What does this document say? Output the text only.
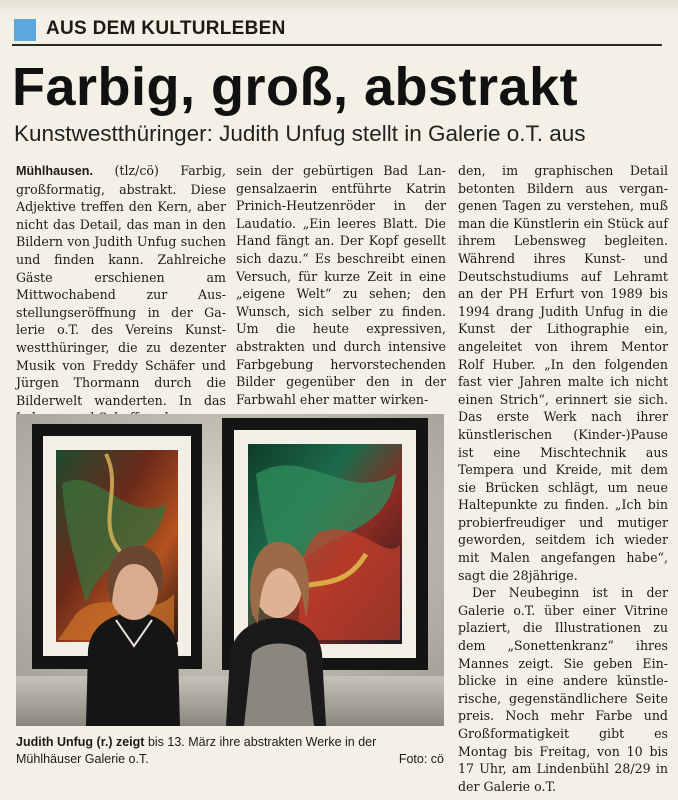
AUS DEM KULTURLEBEN
Farbig, groß, abstrakt

Kunstwestthüringer: Judith Unfug stellt in Galerie o.T. aus

Mühlhausen. (tlz/cö) Farbig, großformatig, abstrakt. Diese Adjektive treffen den Kern, aber nicht das Detail, das man in den Bildern von Judith Unfug suchen und finden kann. Zahlreiche Gäste erschienen am Mittwochabend zur Ausstellungseröffnung in der Galerie o.T. des Vereins Kunstwestthüringer, die zu dezenter Musik von Freddy Schäfer und Jürgen Thormann durch die Bilderwelt wanderten. In das

sein der gebürtigen Bad Langensalzaerin entführte Katrin Prinich-Heutzenröder in der Laudatio. „Ein leeres Blatt. Die Hand fängt an. Der Kopf gesellt sich dazu.“ Es beschreibt einen Versuch, für kurze Zeit in eine „eigene Welt“ zu sehen; den Wunsch, sich selber zu finden. Um die heute expressiven, abstrakten und durch intensive Farbgebung hervorstechenden Bilder gegenüber den in der Farbwahl eher matter wirken-

den, im graphischen Detail betonten Bildern aus vergangenen Tagen zu verstehen, muß man die Künstlerin ein Stück auf ihrem Lebensweg begleiten. Während ihres Kunst- und Deutschstudiums auf Lehramt an der PH Erfurt von 1989 bis 1994 drang Judith Unfug in die Kunst der Lithographie ein, angeleitet von ihrem Mentor Rolf Huber. „In den folgenden fast vier Jahren malte ich nicht einen Strich“, erinnert sie sich. Das erste Werk nach ihrer künstlerischen (Kinder-)Pause ist eine Mischtechnik aus Tempera und Kreide, mit dem sie Brücken schlägt, um neue Haltepunkte zu finden. „Ich bin probierfreudiger und mutiger geworden, seitdem ich wieder mit Malen angefangen habe“, sagt die 28jährige.

Der Neubeginn ist in der Galerie o.T. über einer Vitrine plaziert, die Illustrationen zu dem „Sonettenkranz“ ihres Mannes zeigt. Sie geben Einblicke in eine andere künstlerische, gegenständlichere Seite preis. Noch mehr Farbe und Großformatigkeit gibt es Montag bis Freitag, von 10 bis 17 Uhr, am Lindenbühl 28/29 in der Galerie o.T.

Judith Unfug (r.) zeigt bis 13. März ihre abstrakten Werke in der Mühlhäuser Galerie o.T.	Foto: cö
